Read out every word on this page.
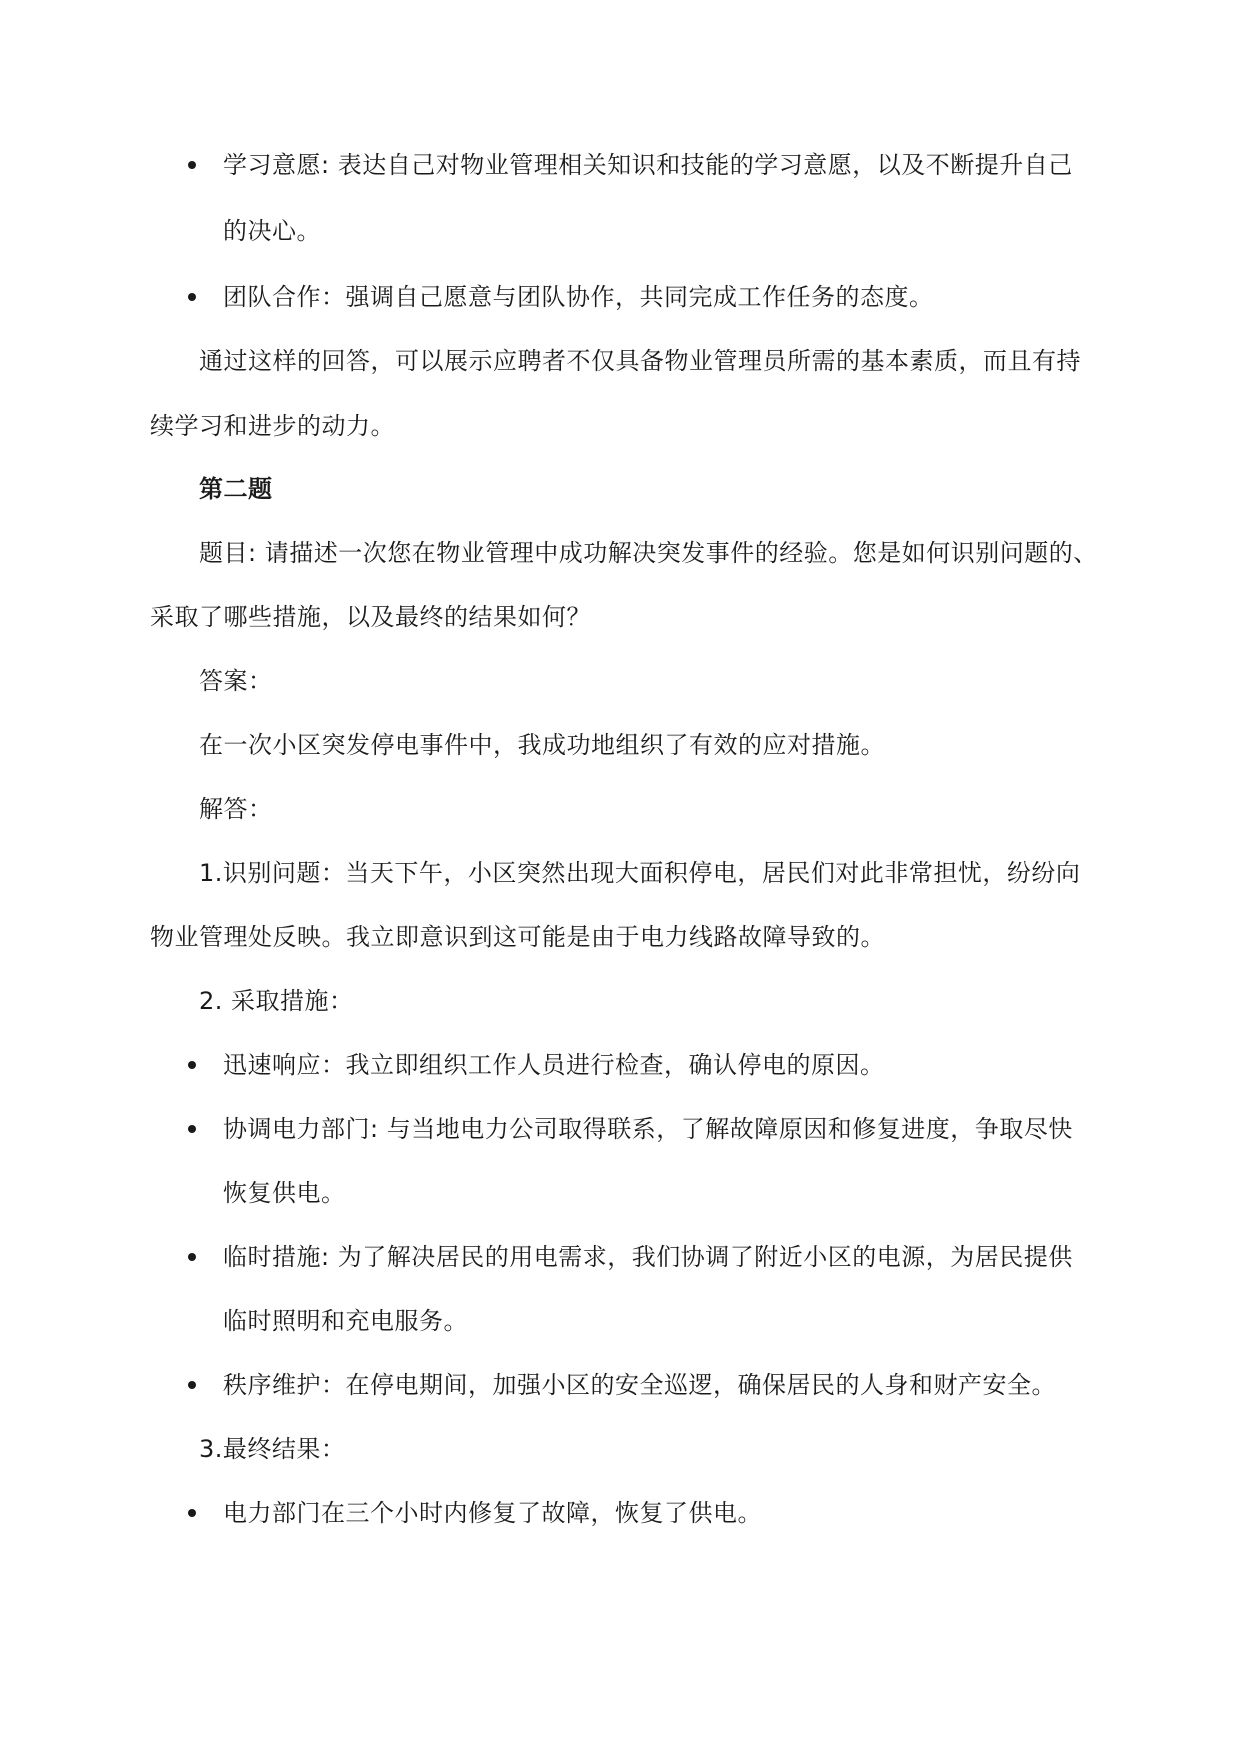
学习意愿: 表达自己对物业管理相关知识和技能的学习意愿，以及不断提升自己
的决心。
团队合作：强调自己愿意与团队协作，共同完成工作任务的态度。
通过这样的回答，可以展示应聘者不仅具备物业管理员所需的基本素质，而且有持
续学习和进步的动力。
第二题
题目: 请描述一次您在物业管理中成功解决突发事件的经验。您是如何识别问题的、
采取了哪些措施，以及最终的结果如何？
答案：
在一次小区突发停电事件中，我成功地组织了有效的应对措施。
解答：
1.识别问题：当天下午，小区突然出现大面积停电，居民们对此非常担忧，纷纷向
物业管理处反映。我立即意识到这可能是由于电力线路故障导致的。
2. 采取措施：
迅速响应：我立即组织工作人员进行检查，确认停电的原因。
协调电力部门: 与当地电力公司取得联系，了解故障原因和修复进度，争取尽快
恢复供电。
临时措施: 为了解决居民的用电需求，我们协调了附近小区的电源，为居民提供
临时照明和充电服务。
秩序维护：在停电期间，加强小区的安全巡逻，确保居民的人身和财产安全。
3.最终结果：
电力部门在三个小时内修复了故障，恢复了供电。
